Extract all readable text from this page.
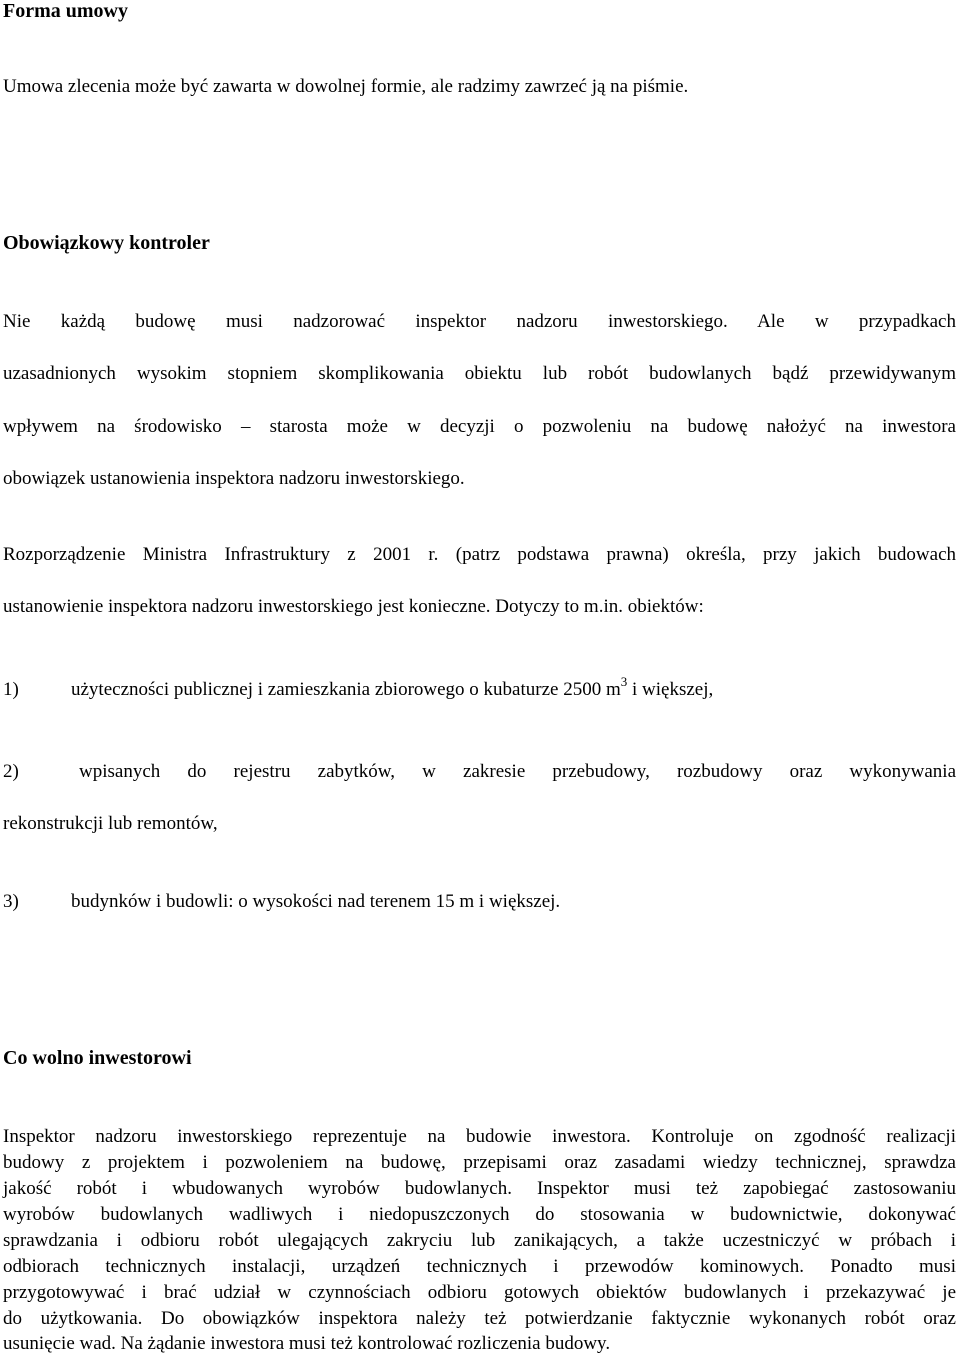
Forma umowy
Umowa zlecenia może być zawarta w dowolnej formie, ale radzimy zawrzeć ją na piśmie.
Obowiązkowy kontroler
Nie każdą budowę musi nadzorować inspektor nadzoru inwestorskiego. Ale w przypadkach
uzasadnionych wysokim stopniem skomplikowania obiektu lub robót budowlanych bądź przewidywanym
wpływem na środowisko – starosta może w decyzji o pozwoleniu na budowę nałożyć na inwestora
obowiązek ustanowienia inspektora nadzoru inwestorskiego.
Rozporządzenie Ministra Infrastruktury z 2001 r. (patrz podstawa prawna) określa, przy jakich budowach
ustanowienie inspektora nadzoru inwestorskiego jest konieczne. Dotyczy to m.in. obiektów:
1)	użyteczności publicznej i zamieszkania zbiorowego o kubaturze 2500 $m^3$ i większej,
2)	wpisanych do rejestru zabytków, w zakresie przebudowy, rozbudowy oraz wykonywania
rekonstrukcji lub remontów,
3)	budynków i budowli: o wysokości nad terenem 15 m i większej.
Co wolno inwestorowi
Inspektor nadzoru inwestorskiego reprezentuje na budowie inwestora. Kontroluje on zgodność realizacji
budowy z projektem i pozwoleniem na budowę, przepisami oraz zasadami wiedzy technicznej, sprawdza
jakość robót i wbudowanych wyrobów budowlanych. Inspektor musi też zapobiegać zastosowaniu
wyrobów budowlanych wadliwych i niedopuszczonych do stosowania w budownictwie, dokonywać
sprawdzania i odbioru robót ulegających zakryciu lub zanikających, a także uczestniczyć w próbach i
odbiorach technicznych instalacji, urządzeń technicznych i przewodów kominowych. Ponadto musi
przygotowywać i brać udział w czynnościach odbioru gotowych obiektów budowlanych i przekazywać je
do użytkowania. Do obowiązków inspektora należy też potwierdzanie faktycznie wykonanych robót oraz
usunięcie wad. Na żądanie inwestora musi też kontrolować rozliczenia budowy.
